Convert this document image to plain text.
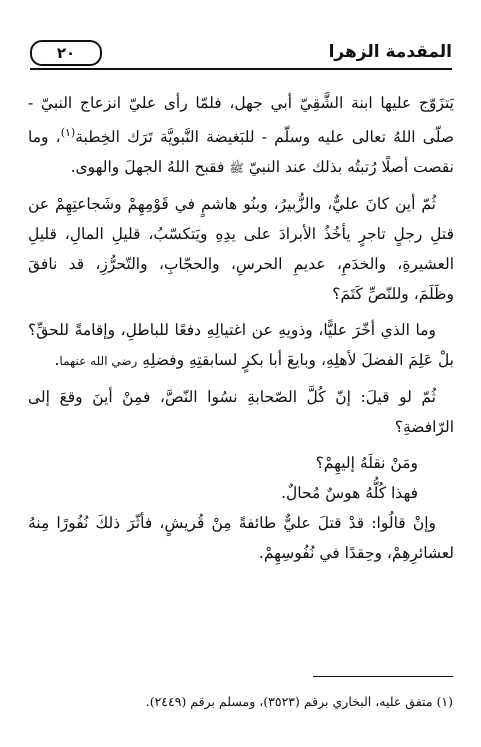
المقدمة الزهرا
٢٠

يَتزَوّج عليها ابنة الشَّقِيّ أبي جهل، فلمّا رأى عليّ انزعاج النبيّ - صلّى اللهُ تعالى عليه وسلّم - للبَغيضة النَّبويَّة تَرَك الخِطبة$^{(١)}$، وما نقصت أصلًا رُتبتُه بذلك عند النبيّ ﷺ فقبح اللهُ الجهلَ والهوى.

ثُمّ أين كانَ عليٌّ، والزُّبيرُ، وبنُو هاشمٍ في قَوْمِهِمْ وشَجاعتِهِمْ عن قتلِ رجلٍ تاجرٍ يأخُذُ الأبرادَ على يدِهِ ويَتكسّبُ، قليلِ المالِ، قليلِ العشيرةِ، والخدَمِ، عديمِ الحرسِ، والحجّابِ، والتّحرُّزِ، قد نافقَ وظَلَمَ، وللنّصِّ كَتَمَ؟

وما الذي أخّرَ عليًّا، وذويهِ عن اغتيالِهِ دفعًا للباطلِ، وإقامةً للحقِّ؟ بلْ عَلِمَ الفضلَ لأهلِهِ، وبايعَ أبا بكرٍ لسابقتِهِ وفضلِهِ رضي الله عنهما.

ثُمّ لو قيلَ: إنّ كُلَّ الصّحابةِ نسُوا النّصَّ، فمِنْ أينَ وقعَ إلى الرّافضةِ؟

ومَنْ نقلَهُ إليهِمْ؟

فهذا كُلُّهُ هوسٌ مُحالٌ.

وإنْ قالُوا: قدْ قتلَ عليٌّ طائفةً مِنْ قُريشٍ، فأثّرَ ذلكَ نُفُورًا مِنهُ لعشائرِهِمْ، وحِقدًا في نُفُوسِهِمْ.

(١) متفق عليه، البخاري برقم (٣٥٢٣)، ومسلم برقم (٢٤٤٩).
